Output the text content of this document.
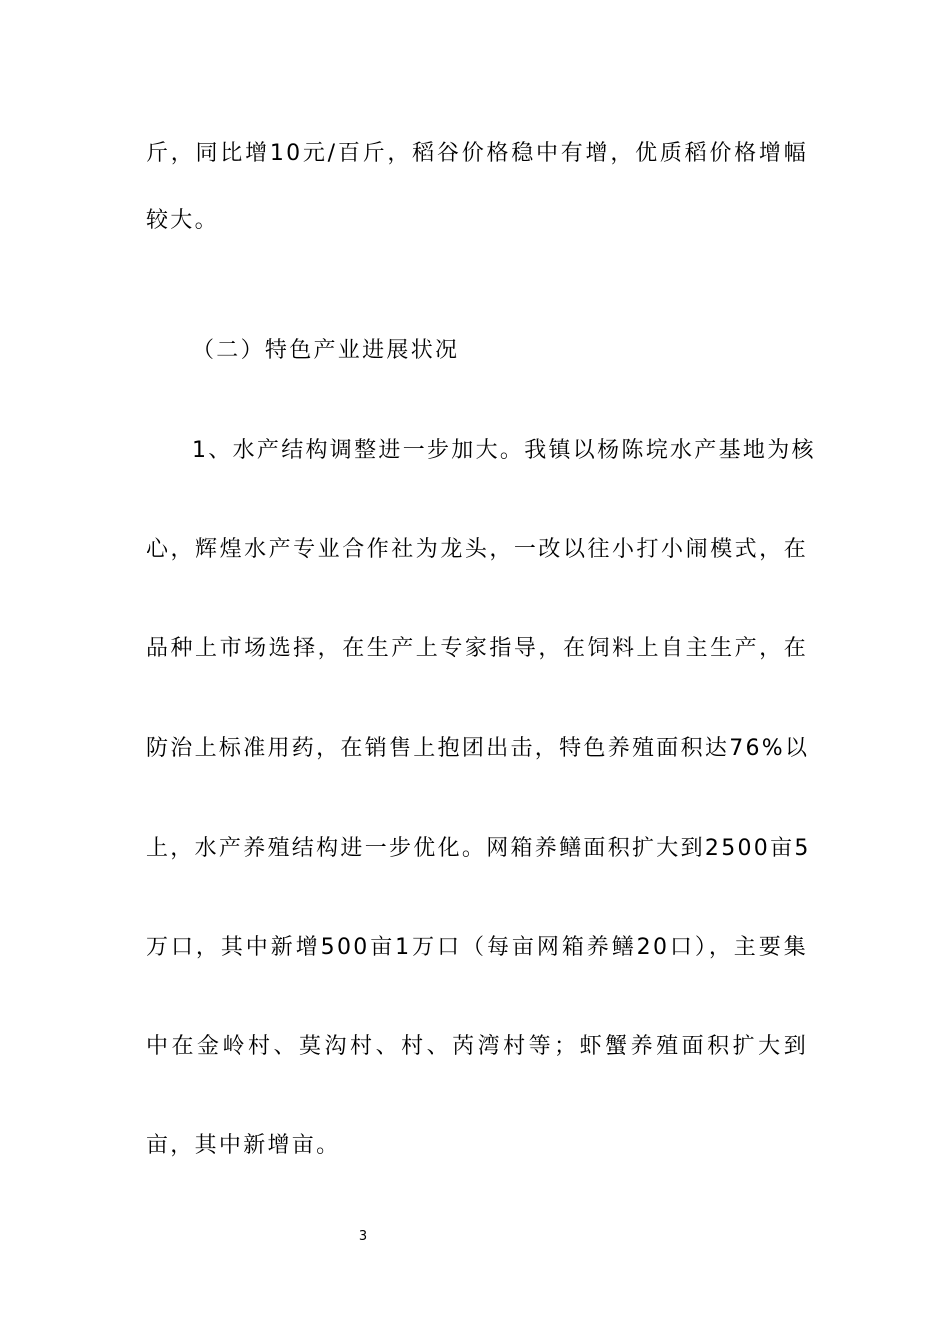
斤，同比增10元/百斤，稻谷价格稳中有增，优质稻价格增幅
较大。
（二）特色产业进展状况
1、水产结构调整进一步加大。我镇以杨陈垸水产基地为核
心，辉煌水产专业合作社为龙头，一改以往小打小闹模式，在
品种上市场选择，在生产上专家指导，在饲料上自主生产，在
防治上标准用药，在销售上抱团出击，特色养殖面积达76%以
上，水产养殖结构进一步优化。网箱养鳝面积扩大到2500亩5
万口，其中新增500亩1万口（每亩网箱养鳝20口），主要集
中在金岭村、莫沟村、村、芮湾村等；虾蟹养殖面积扩大到
亩，其中新增亩。
3
